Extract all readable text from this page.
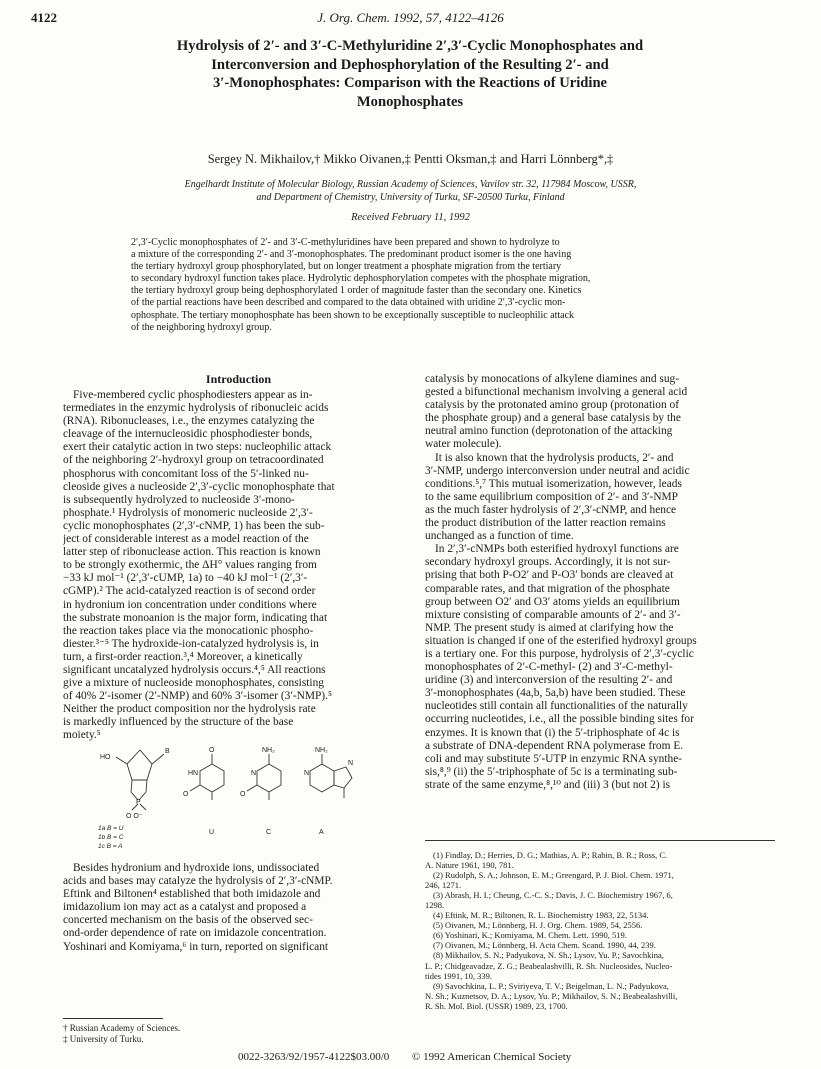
4122	J. Org. Chem. 1992, 57, 4122–4126
Hydrolysis of 2′- and 3′-C-Methyluridine 2′,3′-Cyclic Monophosphates and
Interconversion and Dephosphorylation of the Resulting 2′- and
3′-Monophosphates: Comparison with the Reactions of Uridine
Monophosphates
Sergey N. Mikhailov,† Mikko Oivanen,‡ Pentti Oksman,‡ and Harri Lönnberg*,‡
Engelhardt Institute of Molecular Biology, Russian Academy of Sciences, Vavilov str. 32, 117984 Moscow, USSR,
and Department of Chemistry, University of Turku, SF-20500 Turku, Finland
Received February 11, 1992
2′,3′-Cyclic monophosphates of 2′- and 3′-C-methyluridines have been prepared and shown to hydrolyze to
a mixture of the corresponding 2′- and 3′-monophosphates. The predominant product isomer is the one having
the tertiary hydroxyl group phosphorylated, but on longer treatment a phosphate migration from the tertiary
to secondary hydroxyl function takes place. Hydrolytic dephosphorylation competes with the phosphate migration,
the tertiary hydroxyl group being dephosphorylated 1 order of magnitude faster than the secondary one. Kinetics
of the partial reactions have been described and compared to the data obtained with uridine 2′,3′-cyclic mon-
ophosphate. The tertiary monophosphate has been shown to be exceptionally susceptible to nucleophilic attack
of the neighboring hydroxyl group.
Introduction
Five-membered cyclic phosphodiesters appear as in-
termediates in the enzymic hydrolysis of ribonucleic acids
(RNA). Ribonucleases, i.e., the enzymes catalyzing the
cleavage of the internucleosidic phosphodiester bonds,
exert their catalytic action in two steps: nucleophilic attack
of the neighboring 2′-hydroxyl group on tetracoordinated
phosphorus with concomitant loss of the 5′-linked nu-
cleoside gives a nucleoside 2′,3′-cyclic monophosphate that
is subsequently hydrolyzed to nucleoside 3′-mono-
phosphate.¹ Hydrolysis of monomeric nucleoside 2′,3′-
cyclic monophosphates (2′,3′-cNMP, 1) has been the sub-
ject of considerable interest as a model reaction of the
latter step of ribonuclease action. This reaction is known
to be strongly exothermic, the ΔH° values ranging from
−33 kJ mol⁻¹ (2′,3′-cUMP, 1a) to −40 kJ mol⁻¹ (2′,3′-
cGMP).² The acid-catalyzed reaction is of second order
in hydronium ion concentration under conditions where
the substrate monoanion is the major form, indicating that
the reaction takes place via the monocationic phospho-
diester.³⁻⁵ The hydroxide-ion-catalyzed hydrolysis is, in
turn, a first-order reaction.³,⁴ Moreover, a kinetically
significant uncatalyzed hydrolysis occurs.⁴,⁵ All reactions
give a mixture of nucleoside monophosphates, consisting
of 40% 2′-isomer (2′-NMP) and 60% 3′-isomer (3′-NMP).⁵
Neither the product composition nor the hydrolysis rate
is markedly influenced by the structure of the base
moiety.⁵
HO
B
P
O O⁻
O
HN
O
U
NH₂
N
O
C
NH₂
N
N
A
1a B = U
1b B = C
1c B = A
Besides hydronium and hydroxide ions, undissociated
acids and bases may catalyze the hydrolysis of 2′,3′-cNMP.
Eftink and Biltonen⁴ established that both imidazole and
imidazolium ion may act as a catalyst and proposed a
concerted mechanism on the basis of the observed sec-
ond-order dependence of rate on imidazole concentration.
Yoshinari and Komiyama,⁶ in turn, reported on significant
catalysis by monocations of alkylene diamines and sug-
gested a bifunctional mechanism involving a general acid
catalysis by the protonated amino group (protonation of
the phosphate group) and a general base catalysis by the
neutral amino function (deprotonation of the attacking
water molecule).
It is also known that the hydrolysis products, 2′- and
3′-NMP, undergo interconversion under neutral and acidic
conditions.⁵,⁷ This mutual isomerization, however, leads
to the same equilibrium composition of 2′- and 3′-NMP
as the much faster hydrolysis of 2′,3′-cNMP, and hence
the product distribution of the latter reaction remains
unchanged as a function of time.
In 2′,3′-cNMPs both esterified hydroxyl functions are
secondary hydroxyl groups. Accordingly, it is not sur-
prising that both P-O2′ and P-O3′ bonds are cleaved at
comparable rates, and that migration of the phosphate
group between O2′ and O3′ atoms yields an equilibrium
mixture consisting of comparable amounts of 2′- and 3′-
NMP. The present study is aimed at clarifying how the
situation is changed if one of the esterified hydroxyl groups
is a tertiary one. For this purpose, hydrolysis of 2′,3′-cyclic
monophosphates of 2′-C-methyl- (2) and 3′-C-methyl-
uridine (3) and interconversion of the resulting 2′- and
3′-monophosphates (4a,b, 5a,b) have been studied. These
nucleotides still contain all functionalities of the naturally
occurring nucleotides, i.e., all the possible binding sites for
enzymes. It is known that (i) the 5′-triphosphate of 4c is
a substrate of DNA-dependent RNA polymerase from E.
coli and may substitute 5′-UTP in enzymic RNA synthe-
sis,⁸,⁹ (ii) the 5′-triphosphate of 5c is a terminating sub-
strate of the same enzyme,⁸,¹⁰ and (iii) 3 (but not 2) is
(1) Findlay, D.; Herries, D. G.; Mathias, A. P.; Rabin, B. R.; Ross, C.
A. Nature 1961, 190, 781.
(2) Rudolph, S. A.; Johnson, E. M.; Greengard, P. J. Biol. Chem. 1971,
246, 1271.
(3) Abrash, H. I.; Cheung, C.-C. S.; Davis, J. C. Biochemistry 1967, 6,
1298.
(4) Eftink, M. R.; Biltonen, R. L. Biochemistry 1983, 22, 5134.
(5) Oivanen, M.; Lönnberg, H. J. Org. Chem. 1989, 54, 2556.
(6) Yoshinari, K.; Komiyama, M. Chem. Lett. 1990, 519.
(7) Oivanen, M.; Lönnberg, H. Acta Chem. Scand. 1990, 44, 239.
(8) Mikhailov, S. N.; Padyukova, N. Sh.; Lysov, Yu. P.; Savochkina,
L. P.; Chidgeavadze, Z. G.; Beabealashvilli, R. Sh. Nucleosides, Nucleo-
tides 1991, 10, 339.
(9) Savochkina, L. P.; Sviriyeva, T. V.; Beigelman, L. N.; Padyukova,
N. Sh.; Kuznetsov, D. A.; Lysov, Yu. P.; Mikhailov, S. N.; Beabealashvilli,
R. Sh. Mol. Biol. (USSR) 1989, 23, 1700.
† Russian Academy of Sciences.
‡ University of Turku.
0022-3263/92/1957-4122$03.00/0 © 1992 American Chemical Society
